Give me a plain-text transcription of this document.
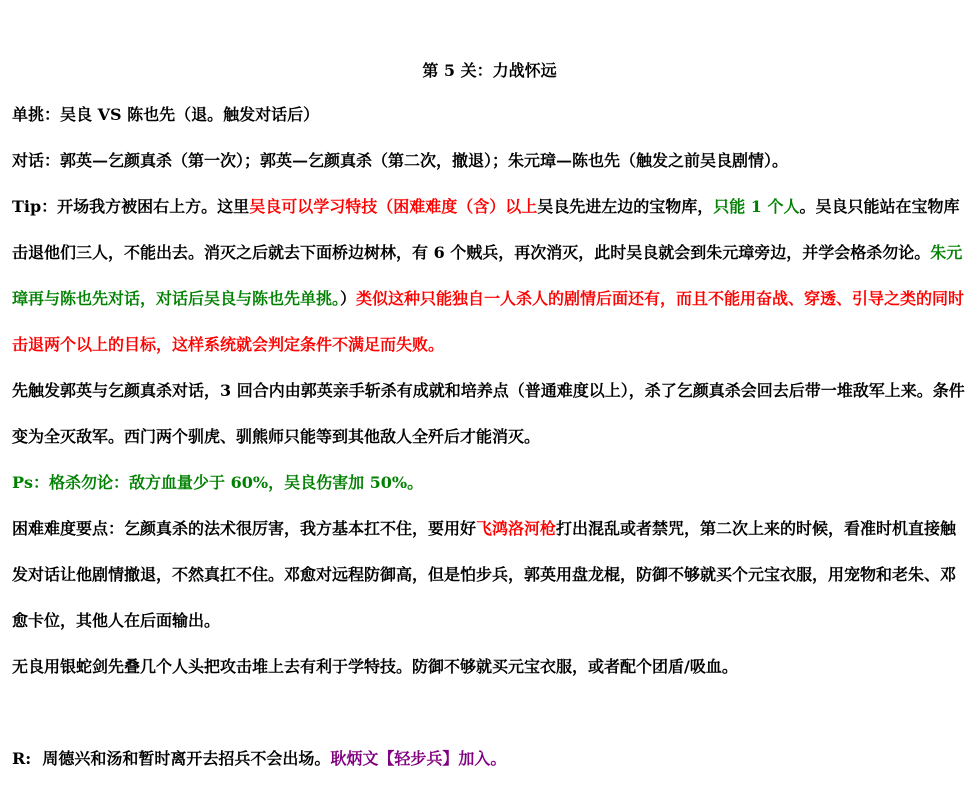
第 5 关：力战怀远
单挑：吴良 VS 陈也先（退。触发对话后）
对话：郭英—乞颜真杀（第一次）；郭英—乞颜真杀（第二次，撤退）；朱元璋—陈也先（触发之前吴良剧情）。
Tip：开场我方被困右上方。这里吴良可以学习特技（困难难度（含）以上吴良先进左边的宝物库，只能 1 个人。吴良只能站在宝物库击退他们三人，不能出去。消灭之后就去下面桥边树林，有 6 个贼兵，再次消灭，此时吴良就会到朱元璋旁边，并学会格杀勿论。朱元璋再与陈也先对话，对话后吴良与陈也先单挑。）类似这种只能独自一人杀人的剧情后面还有，而且不能用奋战、穿透、引导之类的同时击退两个以上的目标，这样系统就会判定条件不满足而失败。
先触发郭英与乞颜真杀对话，3 回合内由郭英亲手斩杀有成就和培养点（普通难度以上），杀了乞颜真杀会回去后带一堆敌军上来。条件变为全灭敌军。西门两个驯虎、驯熊师只能等到其他敌人全歼后才能消灭。
Ps：格杀勿论：敌方血量少于 60%，吴良伤害加 50%。
困难难度要点：乞颜真杀的法术很厉害，我方基本扛不住，要用好飞鸿洛河枪打出混乱或者禁咒，第二次上来的时候，看准时机直接触发对话让他剧情撤退，不然真扛不住。邓愈对远程防御高，但是怕步兵，郭英用盘龙棍，防御不够就买个元宝衣服，用宠物和老朱、邓愈卡位，其他人在后面输出。
无良用银蛇剑先叠几个人头把攻击堆上去有利于学特技。防御不够就买元宝衣服，或者配个团盾/吸血。
R:  周德兴和汤和暂时离开去招兵不会出场。耿炳文【轻步兵】加入。
